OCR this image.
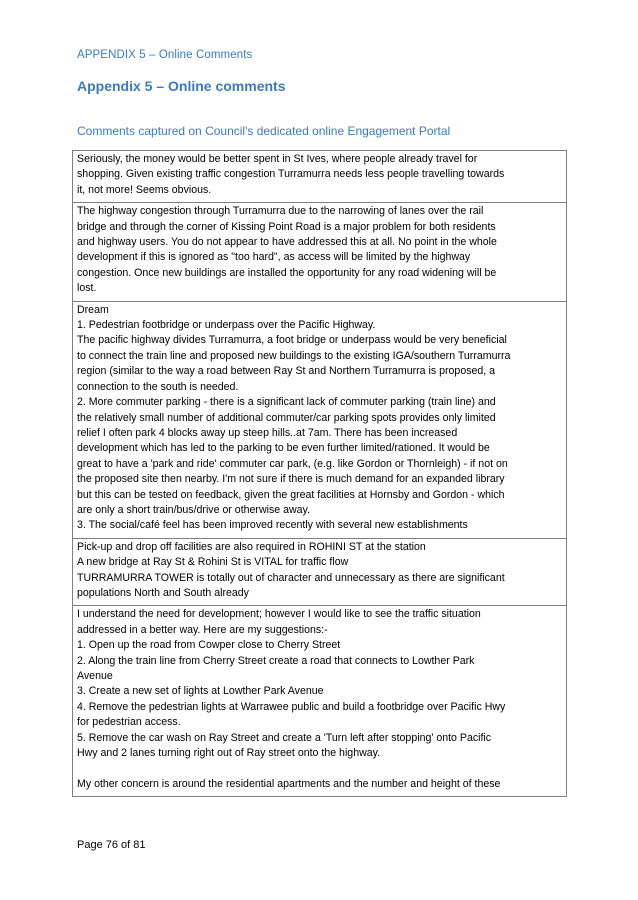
APPENDIX 5 – Online Comments
Appendix 5 – Online comments
Comments captured on Council's dedicated online Engagement Portal
Seriously, the money would be better spent in St Ives, where people already travel for
shopping. Given existing traffic congestion Turramurra needs less people travelling towards
it, not more! Seems obvious.

The highway congestion through Turramurra due to the narrowing of lanes over the rail
bridge and through the corner of Kissing Point Road is a major problem for both residents
and highway users. You do not appear to have addressed this at all. No point in the whole
development if this is ignored as "too hard", as access will be limited by the highway
congestion. Once new buildings are installed the opportunity for any road widening will be
lost.

Dream
1. Pedestrian footbridge or underpass over the Pacific Highway.
The pacific highway divides Turramurra, a foot bridge or underpass would be very beneficial
to connect the train line and proposed new buildings to the existing IGA/southern Turramurra
region (similar to the way a road between Ray St and Northern Turramurra is proposed, a
connection to the south is needed.
2. More commuter parking - there is a significant lack of commuter parking (train line) and
the relatively small number of additional commuter/car parking spots provides only limited
relief I often park 4 blocks away up steep hills..at 7am. There has been increased
development which has led to the parking to be even further limited/rationed. It would be
great to have a 'park and ride' commuter car park, (e.g. like Gordon or Thornleigh) - if not on
the proposed site then nearby. I'm not sure if there is much demand for an expanded library
but this can be tested on feedback, given the great facilities at Hornsby and Gordon - which
are only a short train/bus/drive or otherwise away.
3. The social/café feel has been improved recently with several new establishments

Pick-up and drop off facilities are also required in ROHINI ST at the station
A new bridge at Ray St & Rohini St is VITAL for traffic flow
TURRAMURRA TOWER is totally out of character and unnecessary as there are significant
populations North and South already

I understand the need for development; however I would like to see the traffic situation
addressed in a better way. Here are my suggestions:-
1. Open up the road from Cowper close to Cherry Street
2. Along the train line from Cherry Street create a road that connects to Lowther Park
Avenue
3. Create a new set of lights at Lowther Park Avenue
4. Remove the pedestrian lights at Warrawee public and build a footbridge over Pacific Hwy
for pedestrian access.
5. Remove the car wash on Ray Street and create a 'Turn left after stopping' onto Pacific
Hwy and 2 lanes turning right out of Ray street onto the highway.
My other concern is around the residential apartments and the number and height of these
Page 76 of 81
